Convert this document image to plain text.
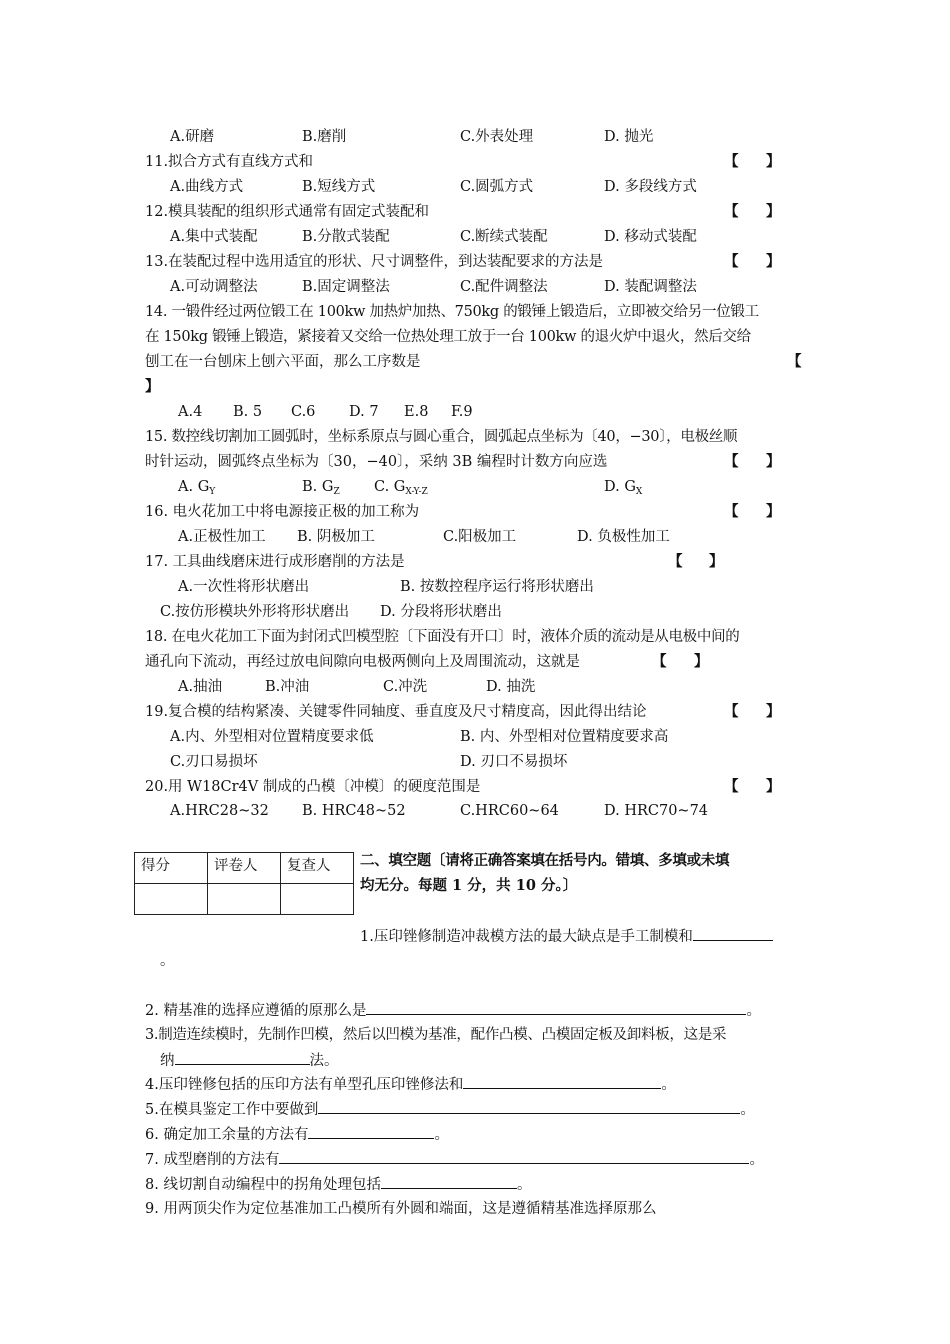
A.研磨	B.磨削	C.外表处理	D. 抛光
11.拟合方式有直线方式和	【 】
A.曲线方式	B.短线方式	C.圆弧方式	D. 多段线方式
12.模具装配的组织形式通常有固定式装配和	【 】
A.集中式装配	B.分散式装配	C.断续式装配	D. 移动式装配
13.在装配过程中选用适宜的形状、尺寸调整件，到达装配要求的方法是	【 】
A.可动调整法	B.固定调整法	C.配件调整法	D. 装配调整法
14. 一锻件经过两位锻工在 100kw 加热炉加热、750kg 的锻锤上锻造后，立即被交给另一位锻工
在 150kg 锻锤上锻造，紧接着又交给一位热处理工放于一台 100kw 的退火炉中退火，然后交给
刨工在一台刨床上刨六平面，那么工序数是	【
】
A.4 B. 5 C.6 D. 7 E.8 F.9
15. 数控线切割加工圆弧时，坐标系原点与圆心重合，圆弧起点坐标为〔40，−30〕，电极丝顺
时针运动，圆弧终点坐标为〔30，−40〕，采纳 3B 编程时计数方向应选	【 】
A. $G_Y$	B. $G_Z$ C. $G_{X-Y-Z}$	D. $G_X$
16. 电火花加工中将电源接正极的加工称为	【 】
A.正极性加工 B. 阴极加工	C.阳极加工	D. 负极性加工
17. 工具曲线磨床进行成形磨削的方法是	【 】
A.一次性将形状磨出	B. 按数控程序运行将形状磨出
C.按仿形模块外形将形状磨出 D. 分段将形状磨出
18. 在电火花加工下面为封闭式凹模型腔〔下面没有开口〕时，液体介质的流动是从电极中间的
通孔向下流动，再经过放电间隙向电极两侧向上及周围流动，这就是	【 】
A.抽油	B.冲油	C.冲洗	D. 抽洗
19.复合模的结构紧凑、关键零件同轴度、垂直度及尺寸精度高，因此得出结论	【 】
A.内、外型相对位置精度要求低	B. 内、外型相对位置精度要求高
C.刃口易损坏	D. 刃口不易损坏
20.用 W18Cr4V 制成的凸模〔冲模〕的硬度范围是	【 】
A.HRC28~32 B. HRC48~52	C.HRC60~64	D. HRC70~74
得分	评卷人	复查人
		二、填空题〔请将正确答案填在括号内。错填、多填或未填
均无分。每题 1 分，共 10 分。〕
1.压印锉修制造冲裁模方法的最大缺点是手工制模和
。
2. 精基准的选择应遵循的原那么是	。
3.制造连续模时，先制作凹模，然后以凹模为基准，配作凸模、凸模固定板及卸料板，这是采
纳	法。
4.压印锉修包括的压印方法有单型孔压印锉修法和	。
5.在模具鉴定工作中要做到	。
6. 确定加工余量的方法有	。
7. 成型磨削的方法有	。
8. 线切割自动编程中的拐角处理包括	。
9. 用两顶尖作为定位基准加工凸模所有外圆和端面，这是遵循精基准选择原那么
